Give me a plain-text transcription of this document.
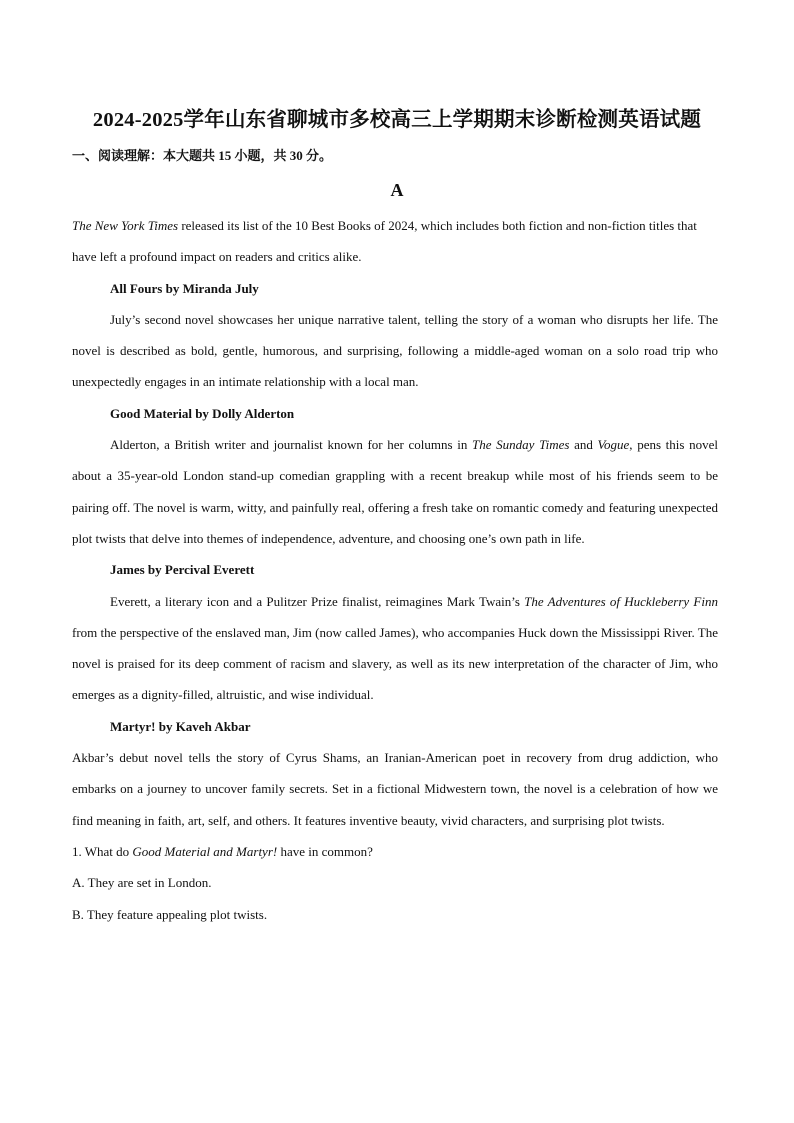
2024-2025学年山东省聊城市多校高三上学期期末诊断检测英语试题
一、阅读理解：本大题共 15 小题，共 30 分。
A

The New York Times released its list of the 10 Best Books of 2024, which includes both fiction and non-fiction titles that have left a profound impact on readers and critics alike.

All Fours by Miranda July

July’s second novel showcases her unique narrative talent, telling the story of a woman who disrupts her life. The novel is described as bold, gentle, humorous, and surprising, following a middle-aged woman on a solo road trip who unexpectedly engages in an intimate relationship with a local man.

Good Material by Dolly Alderton

Alderton, a British writer and journalist known for her columns in The Sunday Times and Vogue, pens this novel about a 35-year-old London stand-up comedian grappling with a recent breakup while most of his friends seem to be pairing off. The novel is warm, witty, and painfully real, offering a fresh take on romantic comedy and featuring unexpected plot twists that delve into themes of independence, adventure, and choosing one’s own path in life.

James by Percival Everett

Everett, a literary icon and a Pulitzer Prize finalist, reimagines Mark Twain’s The Adventures of Huckleberry Finn from the perspective of the enslaved man, Jim (now called James), who accompanies Huck down the Mississippi River. The novel is praised for its deep comment of racism and slavery, as well as its new interpretation of the character of Jim, who emerges as a dignity-filled, altruistic, and wise individual.

Martyr! by Kaveh Akbar

Akbar’s debut novel tells the story of Cyrus Shams, an Iranian-American poet in recovery from drug addiction, who embarks on a journey to uncover family secrets. Set in a fictional Midwestern town, the novel is a celebration of how we find meaning in faith, art, self, and others. It features inventive beauty, vivid characters, and surprising plot twists.

1. What do Good Material and Martyr! have in common?

A. They are set in London.

B. They feature appealing plot twists.
